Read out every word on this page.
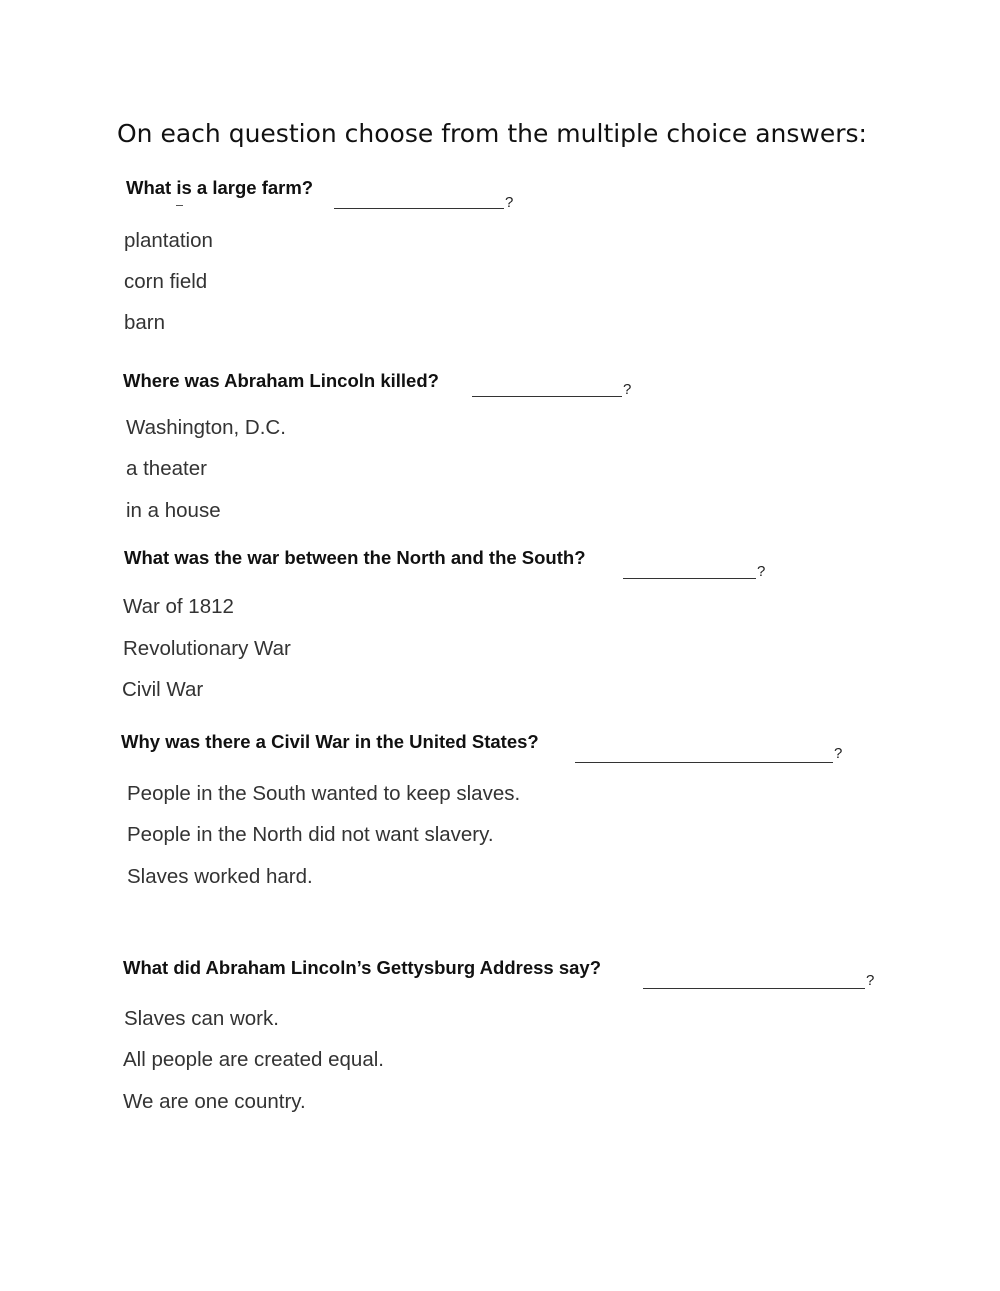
On each question choose from the multiple choice answers:
What is a large farm?
?
plantation
corn field
barn
Where was Abraham Lincoln killed?	?
Washington, D.C.
a theater
in a house
What was the war between the North and the South?
?
War of 1812
Revolutionary War
Civil War
Why was there a Civil War in the United States?
?
People in the South wanted to keep slaves.
People in the North did not want slavery.
Slaves worked hard.
What did Abraham Lincoln’s Gettysburg Address say?
?
Slaves can work.
All people are created equal.
We are one country.
